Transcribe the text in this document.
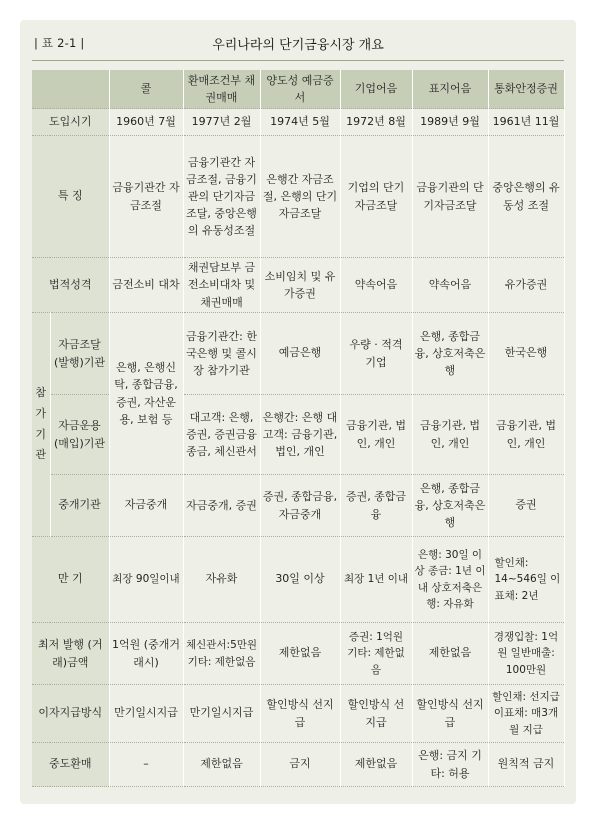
| 표 2-1 |	우리나라의 단기금융시장 개요
		콜	환매조건부 채권매매	양도성 예금증서	기업어음	표지어음	통화안정증권
도입시기		1960년 7월	1977년 2월	1974년 5월	1972년 8월	1989년 9월	1961년 11월
특 징		금융기관간 자금조절	금융기관간 자금조절, 금융기관의 단기자금조달, 중앙은행의 유동성조절	은행간 자금조절, 은행의 단기자금조달	기업의 단기자금조달	금융기관의 단기자금조달	중앙은행의 유동성 조절
법적성격		금전소비 대차	채권담보부 금전소비대차 및 채권매매	소비임치 및 유가증권	약속어음	약속어음	유가증권

참
가
기
관	자금조달 (발행)기관	은행, 은행신탁, 종합금융, 증권, 자산운용, 보험 등	금융기관간: 한국은행 및 콜시장 참가기관	예금은행	우량 · 적격 기업	은행, 종합금융, 상호저축은행	한국은행
	자금운용 (매입)기관		대고객: 은행, 증권, 증권금융 종금, 체신관서	은행간: 은행 대고객: 금융기관, 법인, 개인	금융기관, 법인, 개인	금융기관, 법인, 개인	금융기관, 법인, 개인
	중개기관	자금중개	자금중개, 증권	증권, 종합금융, 자금중개	증권, 종합금융	은행, 종합금융, 상호저축은행	증권
만 기		최장 90일이내	자유화	30일 이상	최장 1년 이내	은행: 30일 이상 종금: 1년 이내 상호저축은행: 자유화	할인채: 14~546일 이표채: 2년
최저 발행 (거래)금액		1억원 (중개거래시)	체신관서:5만원 기타: 제한없음	제한없음	증권: 1억원 기타: 제한없음	제한없음	경쟁입찰: 1억원 일반매출: 100만원
이자지급방식		만기일시지급	만기일시지급	할인방식 선지급	할인방식 선지급	할인방식 선지급	할인채: 선지급 이표채: 매3개월 지급
중도환매		–	제한없음	금지	제한없음	은행: 금지 기타: 허용	원칙적 금지
